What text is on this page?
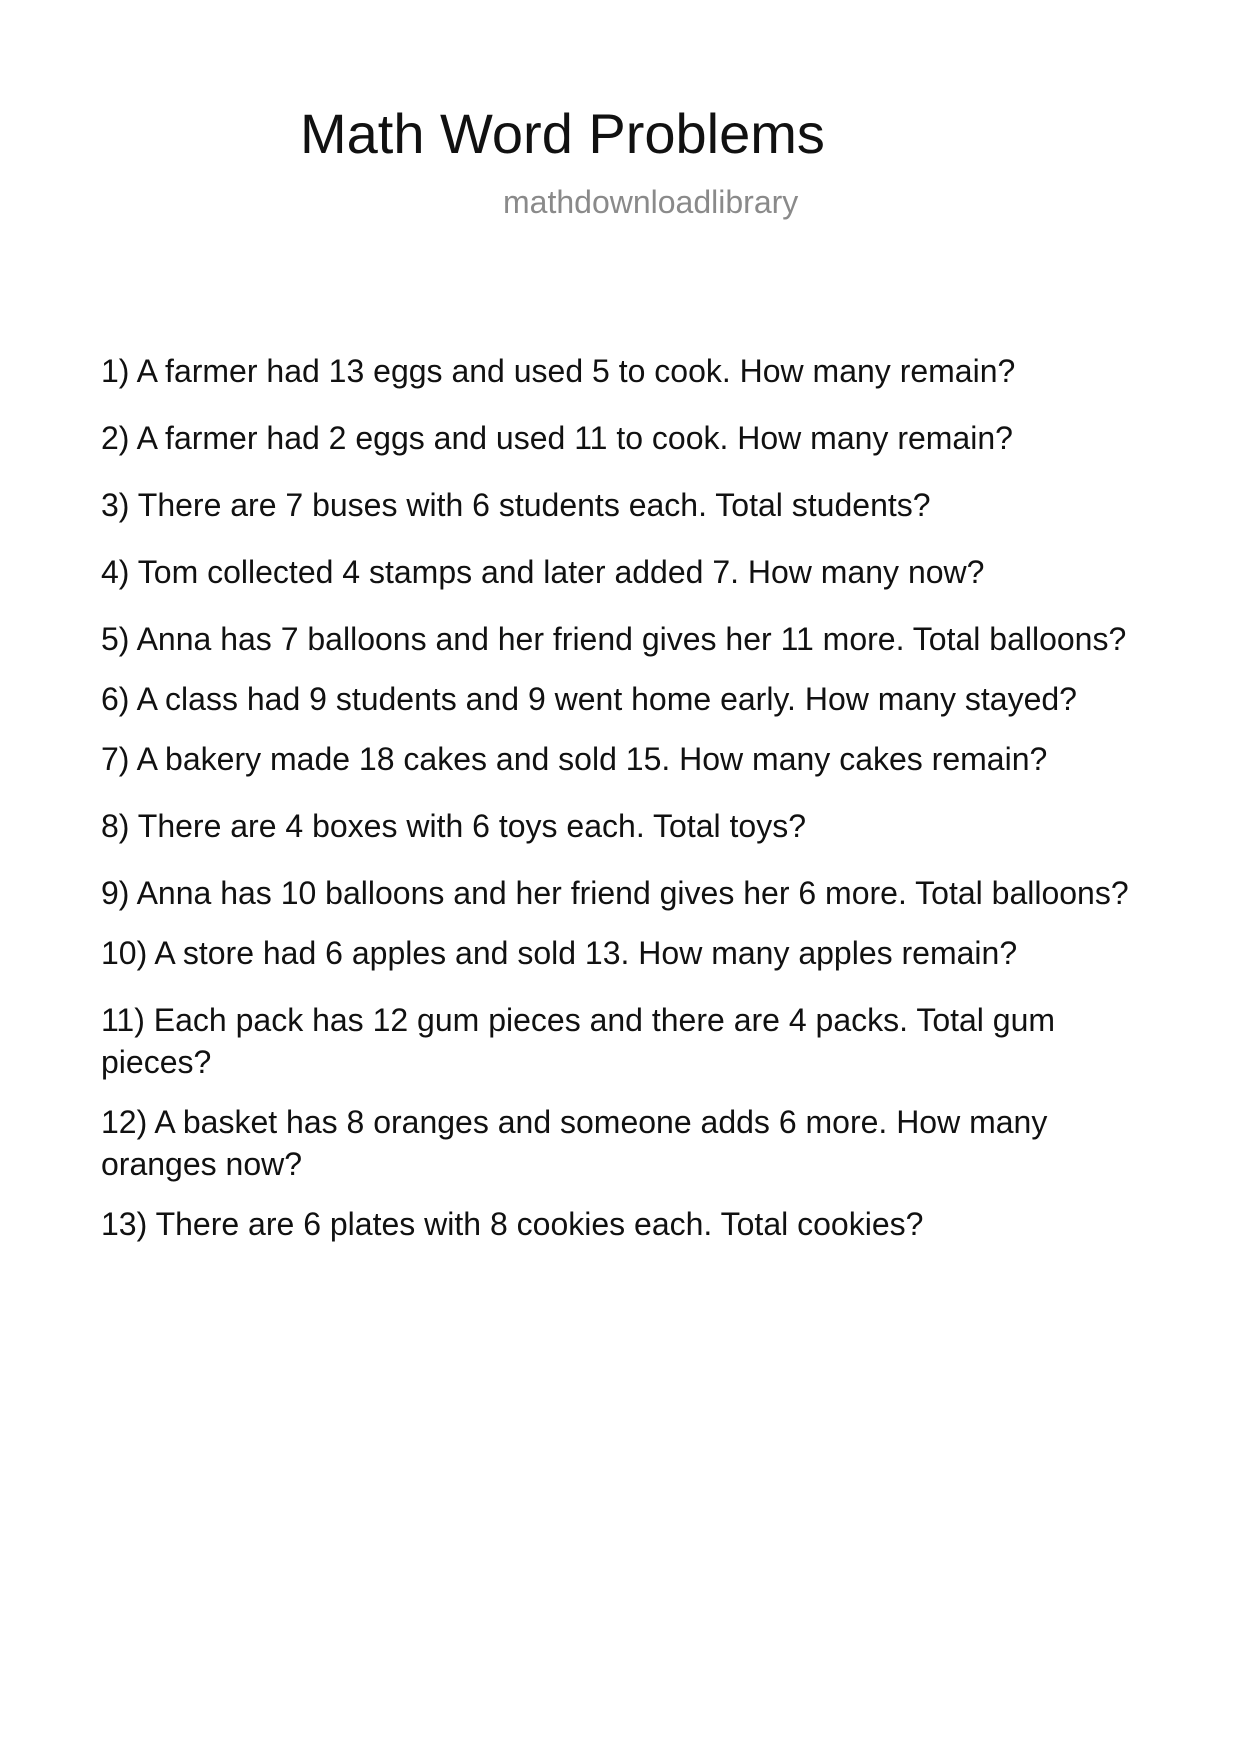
Math Word Problems
mathdownloadlibrary
1) A farmer had 13 eggs and used 5 to cook. How many remain?
2) A farmer had 2 eggs and used 11 to cook. How many remain?
3) There are 7 buses with 6 students each. Total students?
4) Tom collected 4 stamps and later added 7. How many now?
5) Anna has 7 balloons and her friend gives her 11 more. Total balloons?
6) A class had 9 students and 9 went home early. How many stayed?
7) A bakery made 18 cakes and sold 15. How many cakes remain?
8) There are 4 boxes with 6 toys each. Total toys?
9) Anna has 10 balloons and her friend gives her 6 more. Total balloons?
10) A store had 6 apples and sold 13. How many apples remain?
11) Each pack has 12 gum pieces and there are 4 packs. Total gum pieces?
12) A basket has 8 oranges and someone adds 6 more. How many oranges now?
13) There are 6 plates with 8 cookies each. Total cookies?
